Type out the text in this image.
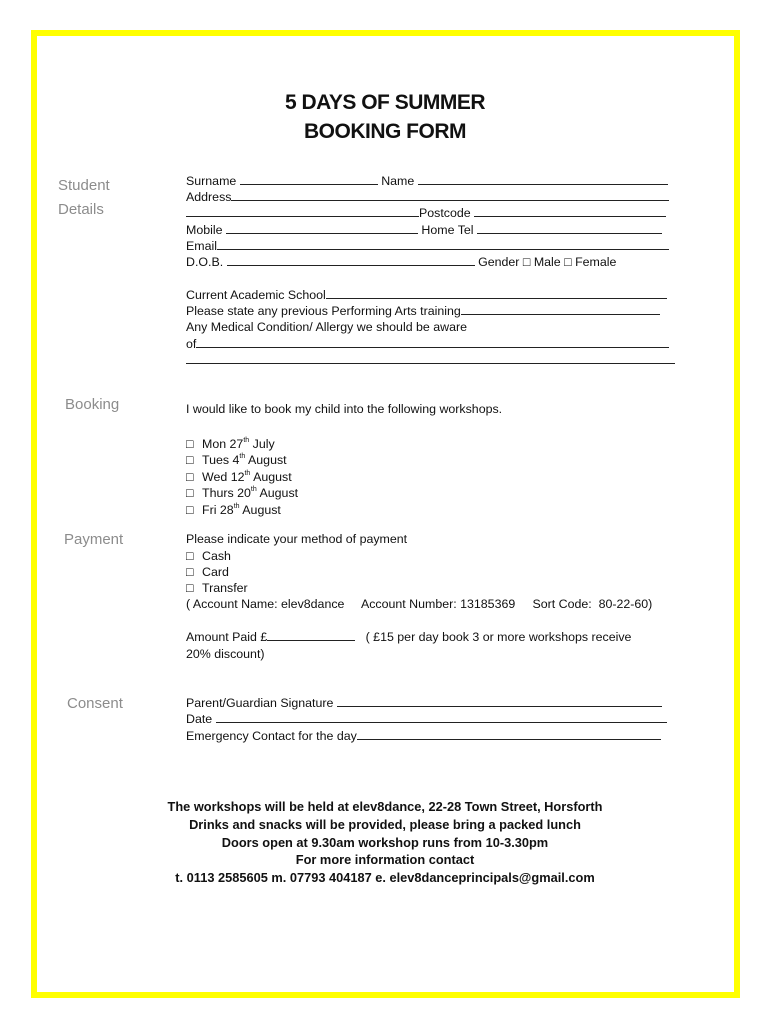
5 DAYS OF SUMMER
BOOKING FORM
Student
Details
Booking
Payment
Consent
Surname	Name
Address
Postcode
Mobile	Home Tel
Email
D.O.B.	Gender □ Male □ Female
Current Academic School
Please state any previous Performing Arts training
Any Medical Condition/ Allergy we should be aware
of
I would like to book my child into the following workshops.
□ Mon 27th July
□ Tues 4th August
□ Wed 12th August
□ Thurs 20th August
□ Fri 28th August
Please indicate your method of payment
□ Cash
□ Card
□ Transfer
( Account Name: elev8dance Account Number: 13185369 Sort Code:  80-22-60)
Amount Paid £	( £15 per day book 3 or more workshops receive
20% discount)
Parent/Guardian Signature
Date
Emergency Contact for the day
The workshops will be held at elev8dance, 22-28 Town Street, Horsforth
Drinks and snacks will be provided, please bring a packed lunch
Doors open at 9.30am workshop runs from 10-3.30pm
For more information contact
t. 0113 2585605 m. 07793 404187 e. elev8danceprincipals@gmail.com
